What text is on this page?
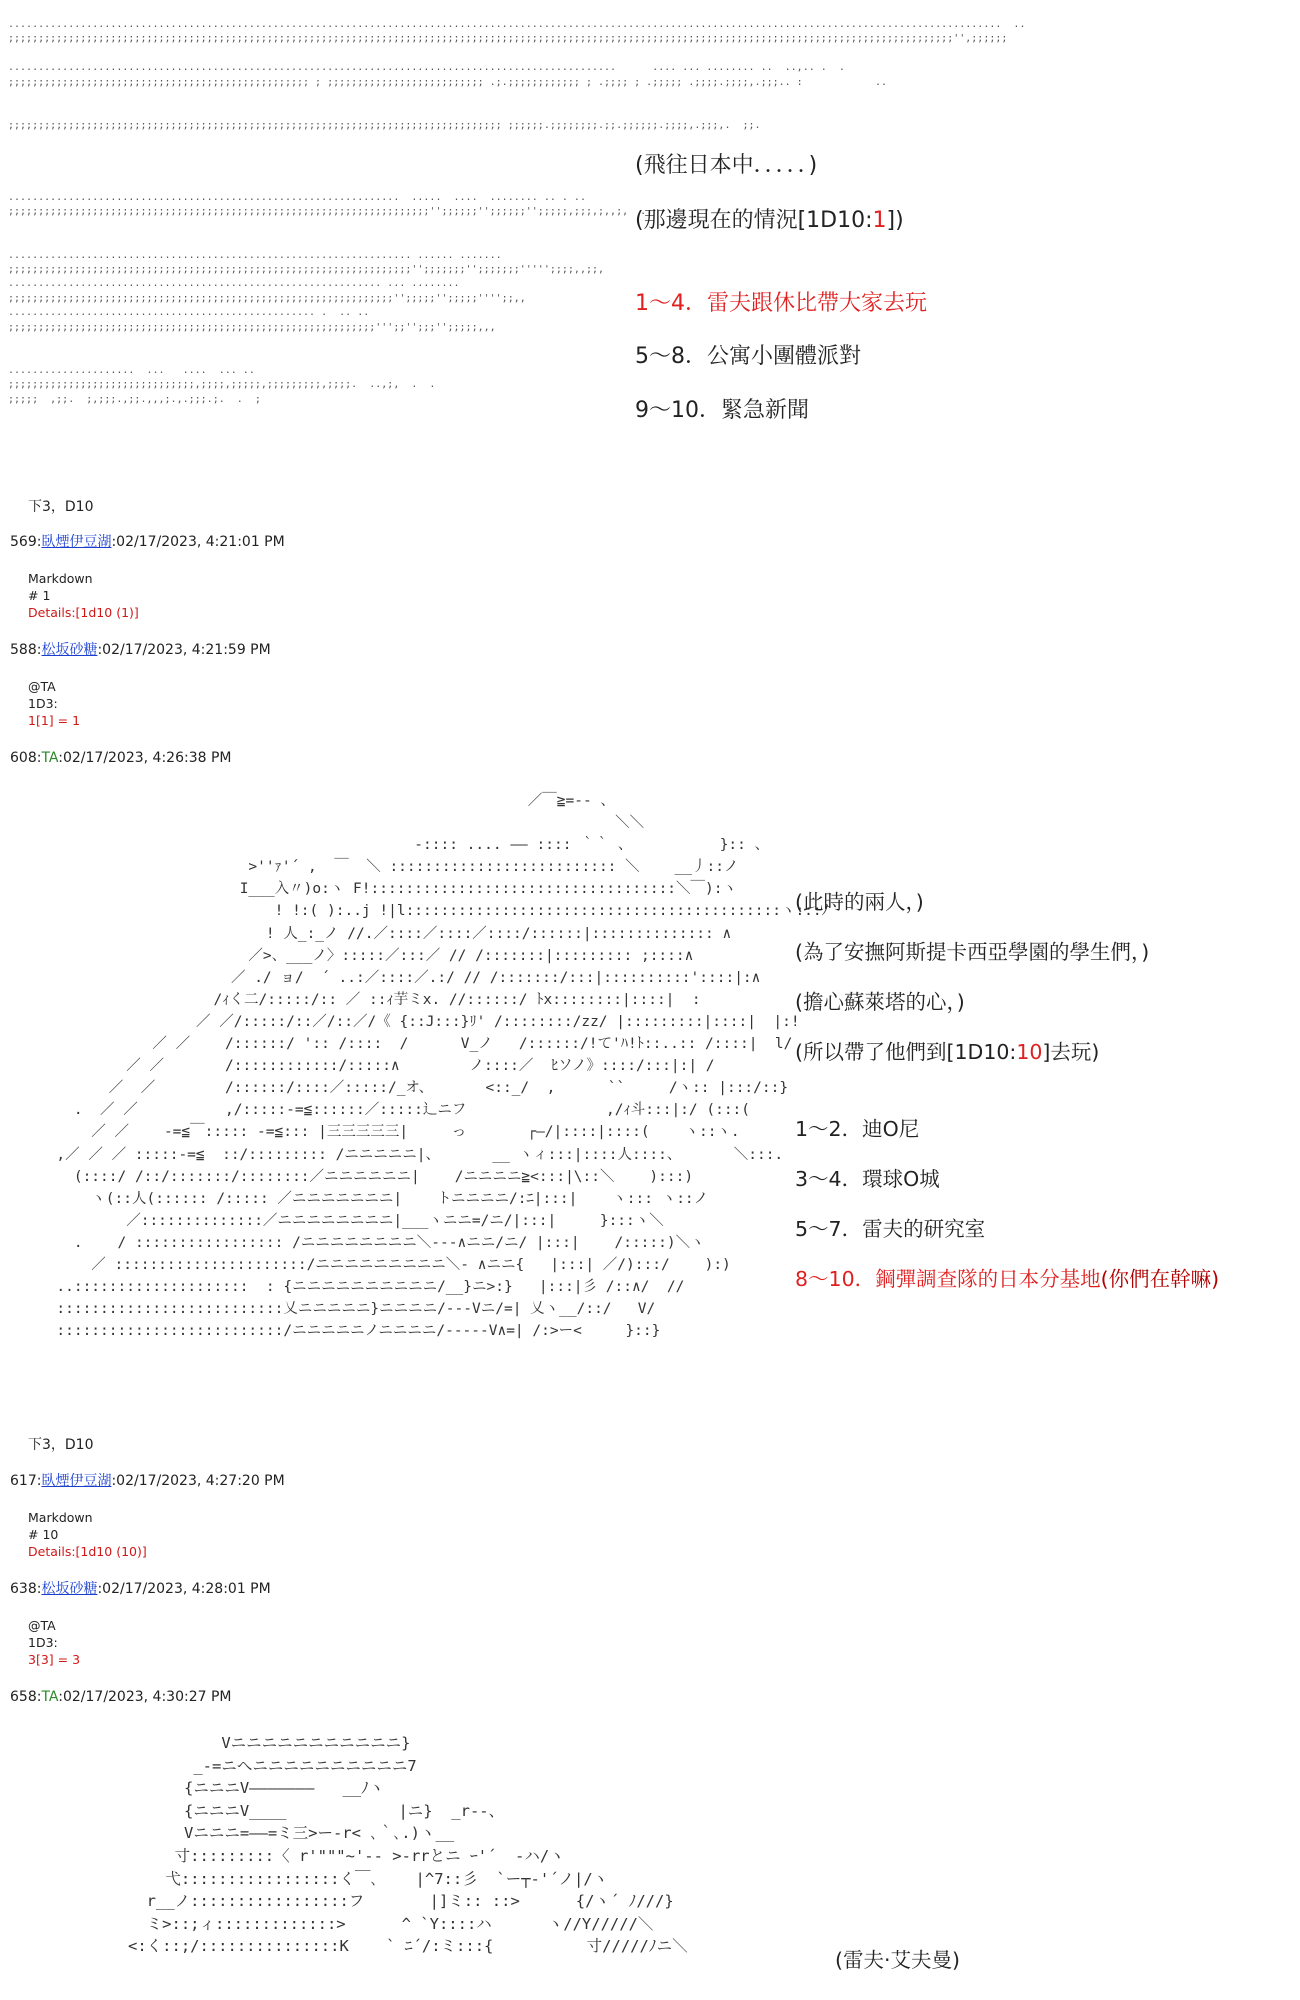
.....................................................................................................................................................................  ..
;;;;;;;;;;;;;;;;;;;;;;;;;;;;;;;;;;;;;;;;;;;;;;;;;;;;;;;;;;;;;;;;;;;;;;;;;;;;;;;;;;;;;;;;;;;;;;;;;;;;;;;;;;;;;;;;;;;;;;;;;;;;;;;;;;;;;;;;;;;;;;;;;;;;;;;;;;;;;'',;;;;;;

.....................................................................................................      .... ... ........ ..  ..,.. .  .
;;;;;;;;;;;;;;;;;;;;;;;;;;;;;;;;;;;;;;;;;;;;;;;;;; ; ;;;;;;;;;;;;;;;;;;;;;;;;;; .;.;;;;;;;;;;;; ; .;;;; ; .;;;;; .;;;;.;;;;,.;;;.. :            ..

;;;;;;;;;;;;;;;;;;;;;;;;;;;;;;;;;;;;;;;;;;;;;;;;;;;;;;;;;;;;;;;;;;;;;;;;;;;;;;;;;; ;;;;;;.;;;;;;;;.;;.;;;;;;.;;;;,.;;;,.  ;;.

.................................................................  .....  ....  ........ .. . ..
;;;;;;;;;;;;;;;;;;;;;;;;;;;;;;;;;;;;;;;;;;;;;;;;;;;;;;;;;;;;;;;;;;;;;;'';;;;;;'';;;;;;'';;;;;,;;;,;,,;,  ..

................................................................... ...... .......
;;;;;;;;;;;;;;;;;;;;;;;;;;;;;;;;;;;;;;;;;;;;;;;;;;;;;;;;;;;;;;;;;;;'';;;;;;;'';;;;;;;''''';;;;,,;;,
.............................................................. ... ........
;;;;;;;;;;;;;;;;;;;;;;;;;;;;;;;;;;;;;;;;;;;;;;;;;;;;;;;;;;;;;;;;'';;;;;'';;;;;'''';;,,
................................................... .  .. ..
;;;;;;;;;;;;;;;;;;;;;;;;;;;;;;;;;;;;;;;;;;;;;;;;;;;;;;;;;;;;;''';;'';;;'';;;;;,,,

.....................  ...   ....  ... ..
;;;;;;;;;;;;;;;;;;;;;;;;;;;;;;;,;;;;,;;;;;,;;;;;;;;;,;;;;.  ..,;,  .  .
;;;;;  ,;;.  ;,;;;.,;;.,,,;.,.;;;.;.  .  ;
(飛往日本中．．．．．)
(那邊現在的情況[1D10:1])
1～4．雷夫跟休比帶大家去玩
5～8．公寓小團體派對
9～10．緊急新聞
下3，D10
569:臥煙伊豆湖:02/17/2023, 4:21:01 PM
Markdown
# 1
Details:[1d10 (1)]
588:松坂砂糖:02/17/2023, 4:21:59 PM
@TA
1D3:
1[1] = 1
608:TA:02/17/2023, 4:26:38 PM
／￣≧=-- 、
＼＼
-:::: .... ―― :::: ｀｀ 、          }:: 、
>''ｧ'´ ,  ￣  ＼ :::::::::::::::::::::::::: ＼    __丿::ノ
I___入〃)o:ヽ F!:::::::::::::::::::::::::::::::::::＼￣):ヽ
! !:( ):..j !|l:::::::::::::::::::::::::::::::::::::::::::ヽ:::ﾉ
! 人_:_ノ //.／::::／::::／::::/::::::|:::::::::::::: ∧
／>、___ノ〉:::::／:::／ // /:::::::|::::::::: ;::::∧
／ ./ ョ/  ´ ..:／::::／.:/ // /:::::::/:::|::::::::::'::::|:∧
/ｨく二/:::::/:: ／ ::ｨ芋ミx. //::::::/ ﾄx::::::::|::::|  :
／ ／/:::::/::／/::／/《 {::J:::}ﾘ' /::::::::/zz/ |:::::::::|::::|  |:!
／ ／    /::::::/ ':: /::::  /      V_ノ   /::::::/!て'ﾊ!ﾄ::..:: /::::|  l/
／ ／       /::::::::::::/:::::∧        ノ::::／  ﾋソノ》::::/:::|:| /
／  ／        /::::::/::::／:::::/_オ、      <::_/  ,      ``     /ヽ:: |:::/::}
.  ／ ／          ,/:::::-=≦::::::／:::::辶ニフ                ,/ｨ斗:::|:/ (:::(
／ ／    -=≦￣::::: -=≦::: |三三三三三|     っ       ┌―/|::::|::::(    ヽ::ヽ.
,／ ／ ／ :::::-=≦  ::/::::::::: /ニニニニニ|、      __ ヽィ:::|::::人::::、      ＼:::.
(::::/ /::/:::::::/::::::::／ニニニニニニ|    /ニニニニ≧<:::|\::＼    ):::)
ヽ(::人(:::::: /::::: ／ニニニニニニニ|    トニニニニ/:ﾆ|:::|    ヽ::: ヽ::ノ
／::::::::::::::／ニニニニニニニニ|___ヽニニ=/ニ/|:::|     }:::ヽ＼
.    / ::::::::::::::::: /ニニニニニニニニ＼---∧ニニ/ニ/ |:::|    /:::::)＼ヽ
／ ::::::::::::::::::::::/ニニニニニニニニニ＼- ∧ニニ{   |:::| ／/):::/    ):)
..::::::::::::::::::::  : {ニニニニニニニニニニ/__}ニ>:}   |:::|彡 /::∧/  //
::::::::::::::::::::::::::乂ニニニニニ}ニニニニ/---Vニ/=| 乂ヽ__/::/   V/
::::::::::::::::::::::::::/ニニニニニノニニニニ/-----V∧=| /:>ー<     }::}
(此時的兩人，)
(為了安撫阿斯提卡西亞學園的學生們，)
(擔心蘇萊塔的心，)
(所以帶了他們到[1D10:10]去玩)
1～2．迪O尼
3～4．環球O城
5～7．雷夫的研究室
8～10．鋼彈調查隊的日本分基地(你們在幹嘛)
下3，D10
617:臥煙伊豆湖:02/17/2023, 4:27:20 PM
Markdown
# 10
Details:[1d10 (10)]
638:松坂砂糖:02/17/2023, 4:28:01 PM
@TA
1D3:
3[3] = 3
658:TA:02/17/2023, 4:30:27 PM
Vニニニニニニニニニニニ}
_-=ニへニニニニニニニニニニ7
{ニニニV―――――――   __ﾉヽ
{ニニニV____            |ニ}  _r‐-、
Vニニニ=――=ミ三>ー-r< ､｀､.)ヽ__
寸:::::::::〈 r'"""~'‐- >-rrとニ ｰ'´  -ハ/ヽ
弋:::::::::::::::::く￣､    |^7::彡  `ー┬‐'´ノ|/ヽ
r__ノ:::::::::::::::::フ       |]ミ:: ::>      {/ヽ´ ﾉ///}
ミ>::;ィ:::::::::::::>      ^ `Y::::ハ      ヽ//Y/////＼
<:く::;/:::::::::::::::K    ` ﾆ´/:ミ:::{          寸/////ﾉニ＼
(雷夫·艾夫曼)
